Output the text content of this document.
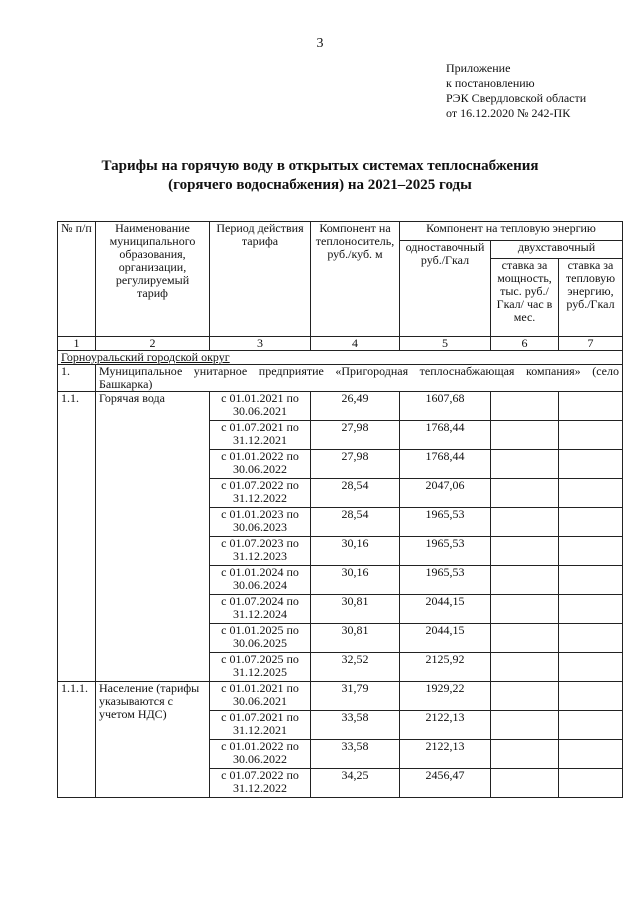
3
Приложение
к постановлению
РЭК Свердловской области
от 16.12.2020 № 242-ПК
Тарифы на горячую воду в открытых системах теплоснабжения
(горячего водоснабжения) на 2021–2025 годы
№ п/п	Наименование муниципального образования, организации, регулируемый тариф	Период действия тарифа	Компонент на теплоноситель, руб./куб. м	Компонент на тепловую энергию		
				одноставочный руб./Гкал	двухставочный	
					ставка за мощность, тыс. руб./Гкал/ час в мес.	ставка за тепловую энергию, руб./Гкал
1	2	3	4	5	6	7
Горноуральский городской округ						
1.	Муниципальное унитарное предприятие «Пригородная теплоснабжающая компания» (село Башкарка)					
1.1.	Горячая вода	с 01.01.2021 по 30.06.2021	26,49	1607,68		
		с 01.07.2021 по 31.12.2021	27,98	1768,44		
		с 01.01.2022 по 30.06.2022	27,98	1768,44		
		с 01.07.2022 по 31.12.2022	28,54	2047,06		
		с 01.01.2023 по 30.06.2023	28,54	1965,53		
		с 01.07.2023 по 31.12.2023	30,16	1965,53		
		с 01.01.2024 по 30.06.2024	30,16	1965,53		
		с 01.07.2024 по 31.12.2024	30,81	2044,15		
		с 01.01.2025 по 30.06.2025	30,81	2044,15		
		с 01.07.2025 по 31.12.2025	32,52	2125,92		
1.1.1.	Население (тарифы указываются с учетом НДС)	с 01.01.2021 по 30.06.2021	31,79	1929,22		
		с 01.07.2021 по 31.12.2021	33,58	2122,13		
		с 01.01.2022 по 30.06.2022	33,58	2122,13		
		с 01.07.2022 по 31.12.2022	34,25	2456,47		
